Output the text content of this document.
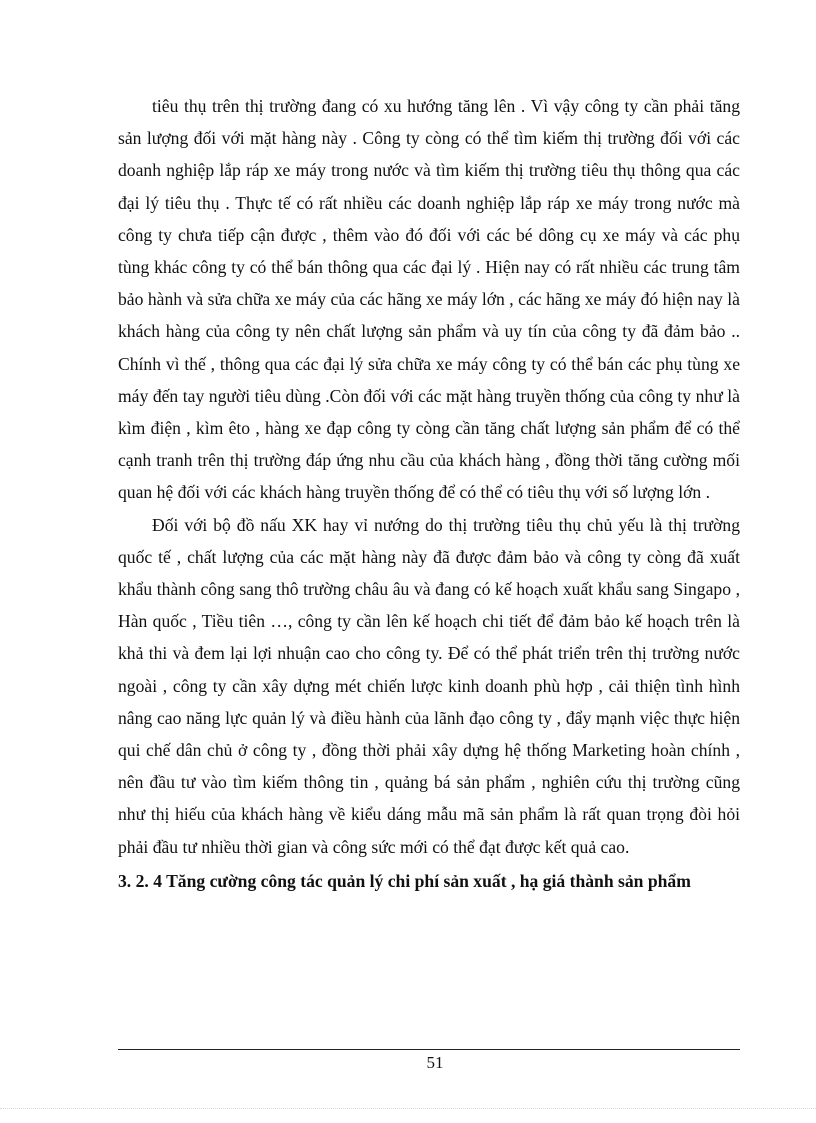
tiêu thụ trên thị trường đang có xu hướng tăng lên . Vì vậy công ty cần phải tăng sản lượng đối với mặt hàng này . Công ty còng có thể tìm kiếm thị trường đối với các doanh nghiệp lắp ráp xe máy trong nước và tìm kiếm thị trường tiêu thụ thông qua các đại lý tiêu thụ . Thực tế có rất nhiều các doanh nghiệp lắp ráp xe máy trong nước mà công ty chưa tiếp cận được , thêm vào đó đối với các bé dông cụ xe máy và các phụ tùng khác công ty có thể bán thông qua các đại lý . Hiện nay có rất nhiều các trung tâm bảo hành và sửa chữa xe máy của các hãng xe máy lớn , các hãng xe máy đó hiện nay là khách hàng của công ty nên chất lượng sản phẩm và uy tín của công ty đã đảm bảo .. Chính vì thế , thông qua các đại lý sửa chữa xe máy công ty có thể bán các phụ tùng xe máy đến tay người tiêu dùng .Còn đối với các mặt hàng truyền thống của công ty như là kìm điện , kìm êto , hàng xe đạp công ty còng cần tăng chất lượng sản phẩm để có thể cạnh tranh trên thị trường đáp ứng nhu cầu của khách hàng , đồng thời tăng cường mối quan hệ đối với các khách hàng truyền thống để có thể có tiêu thụ với số lượng lớn .

Đối với bộ đồ nấu XK hay vỉ nướng do thị trường tiêu thụ chủ yếu là thị trường quốc tế , chất lượng của các mặt hàng này đã được đảm bảo và công ty còng đã xuất khẩu thành công sang thô trường châu âu và đang có kế hoạch xuất khẩu sang Singapo , Hàn quốc , Tiều tiên …, công ty cần lên kế hoạch chi tiết để đảm bảo kế hoạch trên là khả thi và đem lại lợi nhuận cao cho công ty. Để có thể phát triển trên thị trường nước ngoài , công ty cần xây dựng mét chiến lược kinh doanh phù hợp , cải thiện tình hình nâng cao năng lực quản lý và điều hành của lãnh đạo công ty , đẩy mạnh việc thực hiện qui chế dân chủ ở công ty , đồng thời phải xây dựng hệ thống Marketing hoàn chính , nên đầu tư vào tìm kiếm thông tin , quảng bá sản phẩm , nghiên cứu thị trường cũng như thị hiếu của khách hàng về kiểu dáng mẫu mã sản phẩm là rất quan trọng đòi hỏi phải đầu tư nhiều thời gian và công sức mới có thể đạt được kết quả cao.

3. 2. 4 Tăng cường công tác quản lý chi phí sản xuất , hạ giá thành sản phẩm

51
